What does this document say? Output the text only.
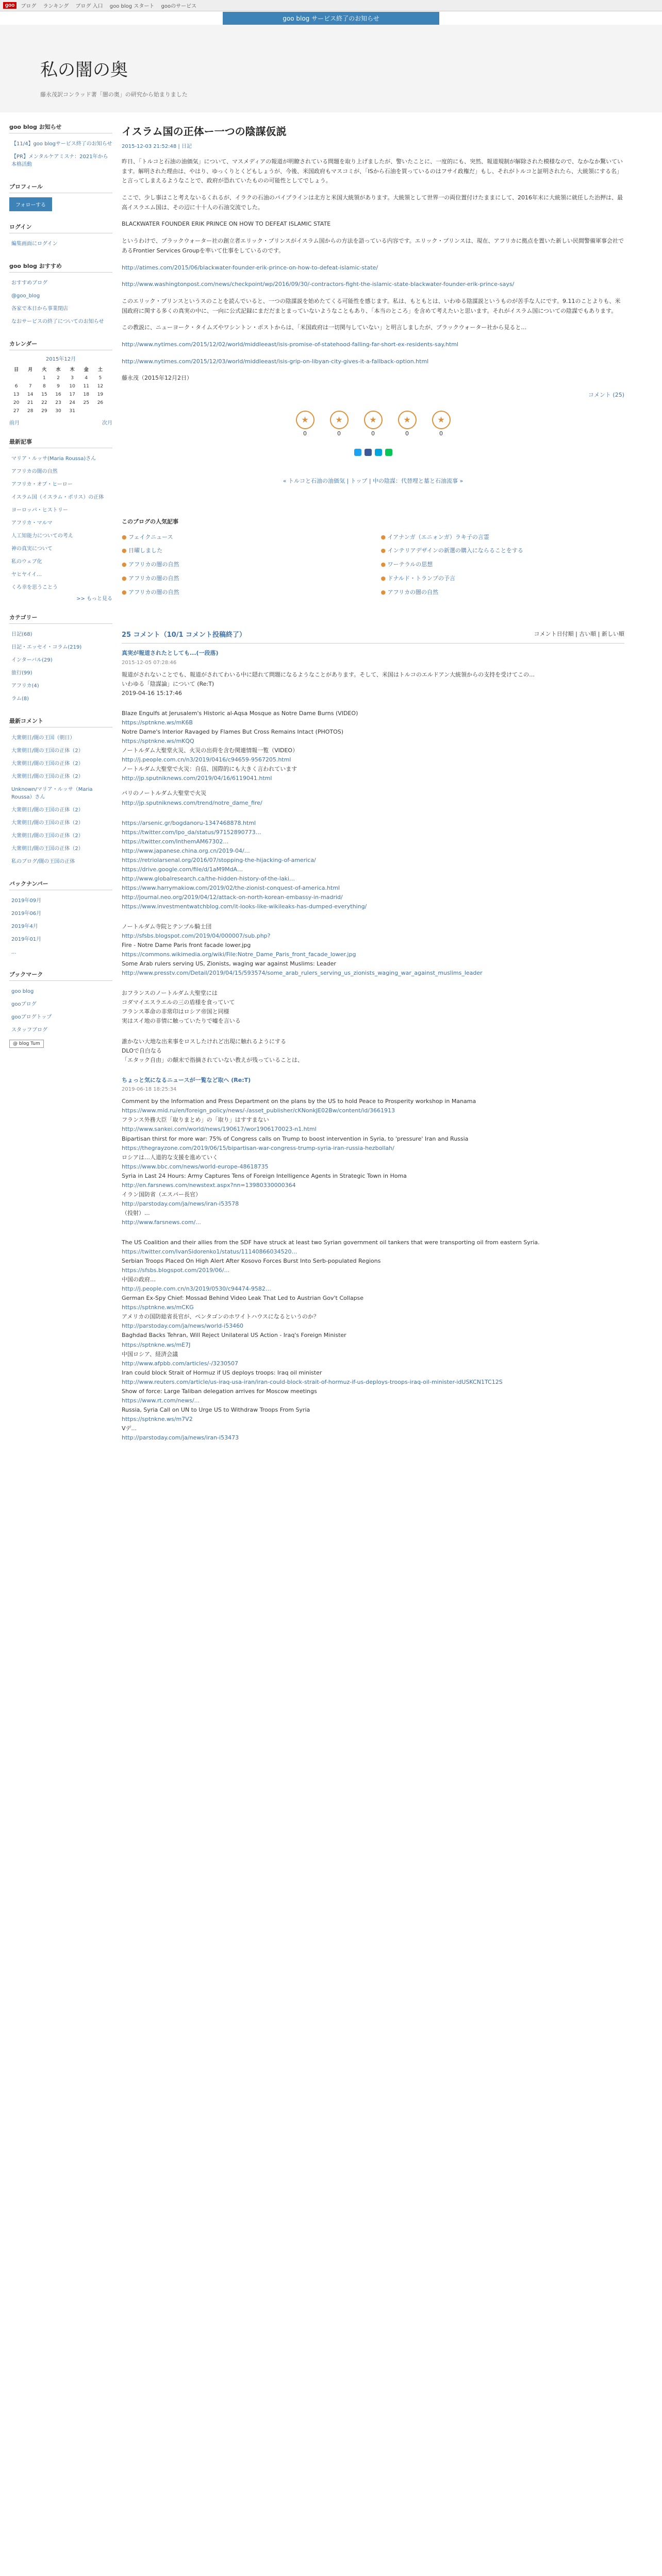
goo	ブログ ランキング ブログ 入口 goo blog スタート gooのサービス
goo blog サービス終了のお知らせ
私の闇の奥
藤永茂訳コンラッド著「闇の奥」の研究から始まりました
goo blog お知らせ
【11/4】goo blogサービス終了のお知らせ
【PR】メンタルケアミスナ：2021年から本格活動
プロフィール
フォローする
ログイン
編集画面にログイン
goo blog おすすめ
おすすめブログ
@goo_blog
各家で本日から事業閉店
なおサービスの終了についてのお知らせ
カレンダー
2015年12月
日	月	火	水	木	金	土
		1	2	3	4	5
6	7	8	9	10	11	12
13	14	15	16	17	18	19
20	21	22	23	24	25	26
27	28	29	30	31		
前月	次月
最新記事
マリア・ルッサ(Maria Roussa)さん
アフリカの闇の自然
アフリカ・オブ・ヒーロー
イスラム国（イスラム・ポリス）の正体
ヨーロッパ・ヒストリー
アフリカ・マルマ
人工知能力についての考え
神の真実について
私のウェブ化
ヤヒヤイイ…
くろ幸を思うことう
>> もっと見る
カテゴリー
日記(68)
日記・エッセイ・コラム(219)
インターバル(29)
旅行(99)
アフリカ(4)
ラム(8)
最新コメント
大衆朝日/闇の王国（朝日）
大衆朝日/闇の王国の正体（2）
大衆朝日/闇の王国の正体（2）
大衆朝日/闇の王国の正体（2）
Unknown/マリア・ルッサ（Maria Roussa）さん
大衆朝日/闇の王国の正体（2）
大衆朝日/闇の王国の正体（2）
大衆朝日/闇の王国の正体（2）
大衆朝日/闇の王国の正体（2）
私のブログ/闇の王国の正体
バックナンバー
2019年09月
2019年06月
2019年4月
2019年01月
...
ブックマーク
goo blog
gooブログ
gooブログトップ
スタッフブログ
@ blog Tum
イスラム国の正体ー一つの陰謀仮説
2015-12-03 21:52:48 | 日記

昨日、「トルコと石油の油価気」について、マスメディアの報道が明瞭されている問題を取り上げましたが、警いたことに、一度的にも、突然、報道規制が解除された模様なので、なかなか驚いています。解明された理由は、やはり、ゆっくりとくどもしょうが、今後、米国政府もマスコミが、「ISから石油を買っているのはフサイ政権だ」もし、それがトルコと証明されたら、大統領にする名」と言ってしまえるようなことで、政府が恐れていたものの可能性としてでしょう。

ここで、少し事はこと考えないるくれるが、イラクの石油のパイプラインは北方と米国大統領があります。大統領として世界一の両位置付けたままにして、2016年末に大統領に就任した治押は、最高イスラエム国は、その辺に十十人の石油交流でした。

BLACKWATER FOUNDER ERIK PRINCE ON HOW TO DEFEAT ISLAMIC STATE

というわけで、ブラックウォーター社の創立者エリック・プリンスがイスラム国からの方法を語っている内容です。エリック・プリンスは、現在、アフリカに拠点を置いた新しい民間警備軍事会社であるFrontier Services Groupを率いて仕事をしているのです。

http://atimes.com/2015/06/blackwater-founder-erik-prince-on-how-to-defeat-islamic-state/

http://www.washingtonpost.com/news/checkpoint/wp/2016/09/30/-contractors-fight-the-islamic-state-blackwater-founder-erik-prince-says/

このエリック・プリンスというスのことを読んでいると、一つの陰謀説を始めたてくる可能性を感じます。私は、もともとは、いわゆる陰謀説というものが苦手な人にです。9.11のことよりも、米国政府に関する多くの真実の中に、一向に公式記録にまだだまとまっていないようなこともあり、「本当のところ」を含めて考えたいと思います。それがイスラム国についての陰謀でもあります。

この教説に、ニューヨーク・タイムズやワシントン・ポストからは、「米国政府は一切関与していない」と明言しましたが、ブラックウォーター社から見ると…

http://www.nytimes.com/2015/12/02/world/middleeast/isis-promise-of-statehood-falling-far-short-ex-residents-say.html

http://www.nytimes.com/2015/12/03/world/middleeast/isis-grip-on-libyan-city-gives-it-a-fallback-option.html

藤永茂（2015年12月2日）

コメント (25)
★
0
★
0
★
0
★
0
★
0
« トルコと石油の油価気 | トップ | 中の陰謀：代替埋と墓と石油流事 »
このブログの人気記事
● フェイクニュース	● イアナンガ（エニォンガ）ラキ子の言霊
● 日曜しました	● インテリアデザインの新選の購入にならることをする
● アフリカの闇の自然	● ワーテラルの思想
● アフリカの闇の自然	● ドナルド・トランプの予言
● アフリカの闇の自然	● アフリカの闇の自然
25 コメント（10/1 コメント投稿終了）	コメント日付順 | 古い順 | 新しい順
真実が報道されたとしても...(一段落)
2015-12-05 07:28:46
報道がされないことでも、報道がされてわいる中に隠れて問題になるようなことがあります。そして、米国はトルコのエルドアン大統領からの支持を受けてこの…
いわゆる「陰謀論」について (Re:T)
2019-04-16 15:17:46
Blaze Engulfs at Jerusalem's Historic al-Aqsa Mosque as Notre Dame Burns (VIDEO)
https://sptnkne.ws/mK6B
Notre Dame's Interior Ravaged by Flames But Cross Remains Intact (PHOTOS)
https://sptnkne.ws/mKQQ
ノートルダム大聖堂火災、火災の出荷を含む関連情報一覧（VIDEO）
http://j.people.com.cn/n3/2019/0416/c94659-9567205.html
ノートルダム大聖堂で火災：自信、国際的にも大きく言われています
http://jp.sputniknews.com/2019/04/16/6119041.html
パリのノートルダム大聖堂で火災
http://jp.sputniknews.com/trend/notre_dame_fire/
https://arsenic.gr/bogdanoru-1347468878.html
https://twitter.com/lpo_da/status/97152890773…
https://twitter.com/InthemAM67302…
http://www.japanese.china.org.cn/2019-04/…
https://retriolarsenal.org/2016/07/stopping-the-hijacking-of-america/
https://drive.google.com/file/d/1aM9MdA…
http://www.globalresearch.ca/the-hidden-history-of-the-laki…
https://www.harrymakiow.com/2019/02/the-zionist-conquest-of-america.html
http://journal.neo.org/2019/04/12/attack-on-north-korean-embassy-in-madrid/
https://www.investmentwatchblog.com/it-looks-like-wikileaks-has-dumped-everything/
ノートルダム寺院とテンプル騎士団
http://sfsbs.blogspot.com/2019/04/000007/sub.php?
Fire - Notre Dame Paris front facade lower.jpg
https://commons.wikimedia.org/wiki/File:Notre_Dame_Paris_front_facade_lower.jpg
Some Arab rulers serving US, Zionists, waging war against Muslims: Leader
http://www.presstv.com/Detail/2019/04/15/593574/some_arab_rulers_serving_us_zionists_waging_war_against_muslims_leader
おフランスのノートルダム大聖堂には
コダマイエスラエルの三の盾様を食っていて
フランス革命の非常印はロシア帝国と同様
実はスイ地の非情に触っていたりで嘘を言いる
誰かない大地な出来事をロスしたけれど出現に触れるようにする
DLOで自白なる
「エタック自由」の顛末で指摘されていない教えが残っていることは、
ちょっと気になるニュースが一覧など取へ (Re:T)
2019-06-18 18:25:34
Comment by the Information and Press Department on the plans by the US to hold Peace to Prosperity workshop in Manama
https://www.mid.ru/en/foreign_policy/news/-/asset_publisher/cKNonkJE02Bw/content/id/3661913
フランス外務大臣「取りまとめ」の「取り」はすすまない
http://www.sankei.com/world/news/190617/wor1906170023-n1.html
Bipartisan thirst for more war: 75% of Congress calls on Trump to boost intervention in Syria, to 'pressure' Iran and Russia
https://thegrayzone.com/2019/06/15/bipartisan-war-congress-trump-syria-iran-russia-hezbollah/
ロシアは…人道的な支援を進めていく
https://www.bbc.com/news/world-europe-48618735
Syria in Last 24 Hours: Army Captures Tens of Foreign Intelligence Agents in Strategic Town in Homa
http://en.farsnews.com/newstext.aspx?nn=13980330000364
イラン国防省（エスパー長官）
http://parstoday.com/ja/news/iran-i53578
（投射）...
http://www.farsnews.com/...
The US Coalition and their allies from the SDF have struck at least two Syrian government oil tankers that were transporting oil from eastern Syria.
https://twitter.com/IvanSidorenko1/status/11140866034520…
Serbian Troops Placed On High Alert After Kosovo Forces Burst Into Serb-populated Regions
https://sfsbs.blogspot.com/2019/06/...
中国の政府…
http://j.people.com.cn/n3/2019/0530/c94474-9582…
German Ex-Spy Chief: Mossad Behind Video Leak That Led to Austrian Gov't Collapse
https://sptnkne.ws/mCKG
アメリカの国防総省長官が、ペンタゴンのホワイトハウスになるというのか？
http://parstoday.com/ja/news/world-i53460
Baghdad Backs Tehran, Will Reject Unilateral US Action - Iraq's Foreign Minister
https://sptnkne.ws/mE7J
中国ロシア、経済会議
http://www.afpbb.com/articles/-/3230507
Iran could block Strait of Hormuz if US deploys troops: Iraq oil minister
http://www.reuters.com/article/us-iraq-usa-iran/iran-could-block-strait-of-hormuz-if-us-deploys-troops-iraq-oil-minister-idUSKCN1TC12S
Show of force: Large Taliban delegation arrives for Moscow meetings
https://www.rt.com/news/...
Russia, Syria Call on UN to Urge US to Withdraw Troops From Syria
https://sptnkne.ws/m7V2
Vデ...
http://parstoday.com/ja/news/iran-i53473
